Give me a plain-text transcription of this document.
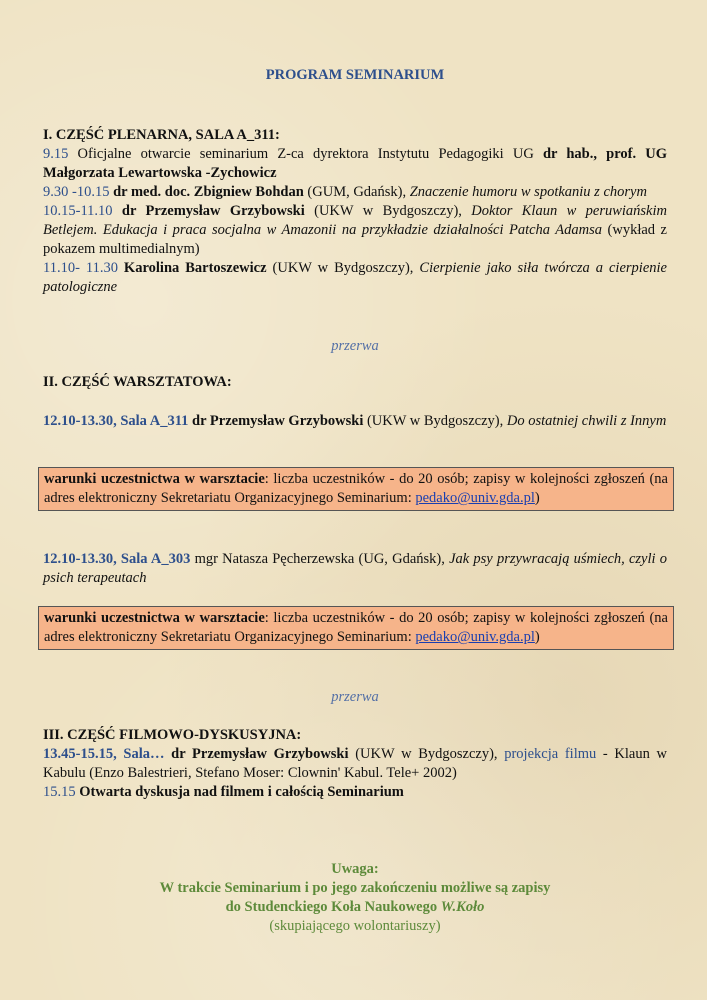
PROGRAM SEMINARIUM
I. CZĘŚĆ PLENARNA, SALA A_311:
9.15 Oficjalne otwarcie seminarium Z-ca dyrektora Instytutu Pedagogiki UG dr hab., prof. UG Małgorzata Lewartowska -Zychowicz
9.30 -10.15 dr med. doc. Zbigniew Bohdan (GUM, Gdańsk), Znaczenie humoru w spotkaniu z chorym
10.15-11.10 dr Przemysław Grzybowski (UKW w Bydgoszczy), Doktor Klaun w peruwiańskim Betlejem. Edukacja i praca socjalna w Amazonii na przykładzie działalności Patcha Adamsa (wykład z pokazem multimedialnym)
11.10- 11.30 Karolina Bartoszewicz (UKW w Bydgoszczy), Cierpienie jako siła twórcza a cierpienie patologiczne
przerwa
II. CZĘŚĆ WARSZTATOWA:
12.10-13.30, Sala A_311 dr Przemysław Grzybowski (UKW w Bydgoszczy), Do ostatniej chwili z Innym
warunki uczestnictwa w warsztacie: liczba uczestników - do 20 osób; zapisy w kolejności zgłoszeń (na adres elektroniczny Sekretariatu Organizacyjnego Seminarium: pedako@univ.gda.pl)
12.10-13.30, Sala A_303 mgr Natasza Pęcherzewska (UG, Gdańsk), Jak psy przywracają uśmiech, czyli o psich terapeutach
warunki uczestnictwa w warsztacie: liczba uczestników - do 20 osób; zapisy w kolejności zgłoszeń (na adres elektroniczny Sekretariatu Organizacyjnego Seminarium: pedako@univ.gda.pl)
przerwa
III. CZĘŚĆ FILMOWO-DYSKUSYJNA:
13.45-15.15, Sala… dr Przemysław Grzybowski (UKW w Bydgoszczy), projekcja filmu - Klaun w Kabulu (Enzo Balestrieri, Stefano Moser: Clownin' Kabul. Tele+ 2002)
15.15 Otwarta dyskusja nad filmem i całością Seminarium
Uwaga:
W trakcie Seminarium i po jego zakończeniu możliwe są zapisy
do Studenckiego Koła Naukowego W.Koło
(skupiającego wolontariuszy)
